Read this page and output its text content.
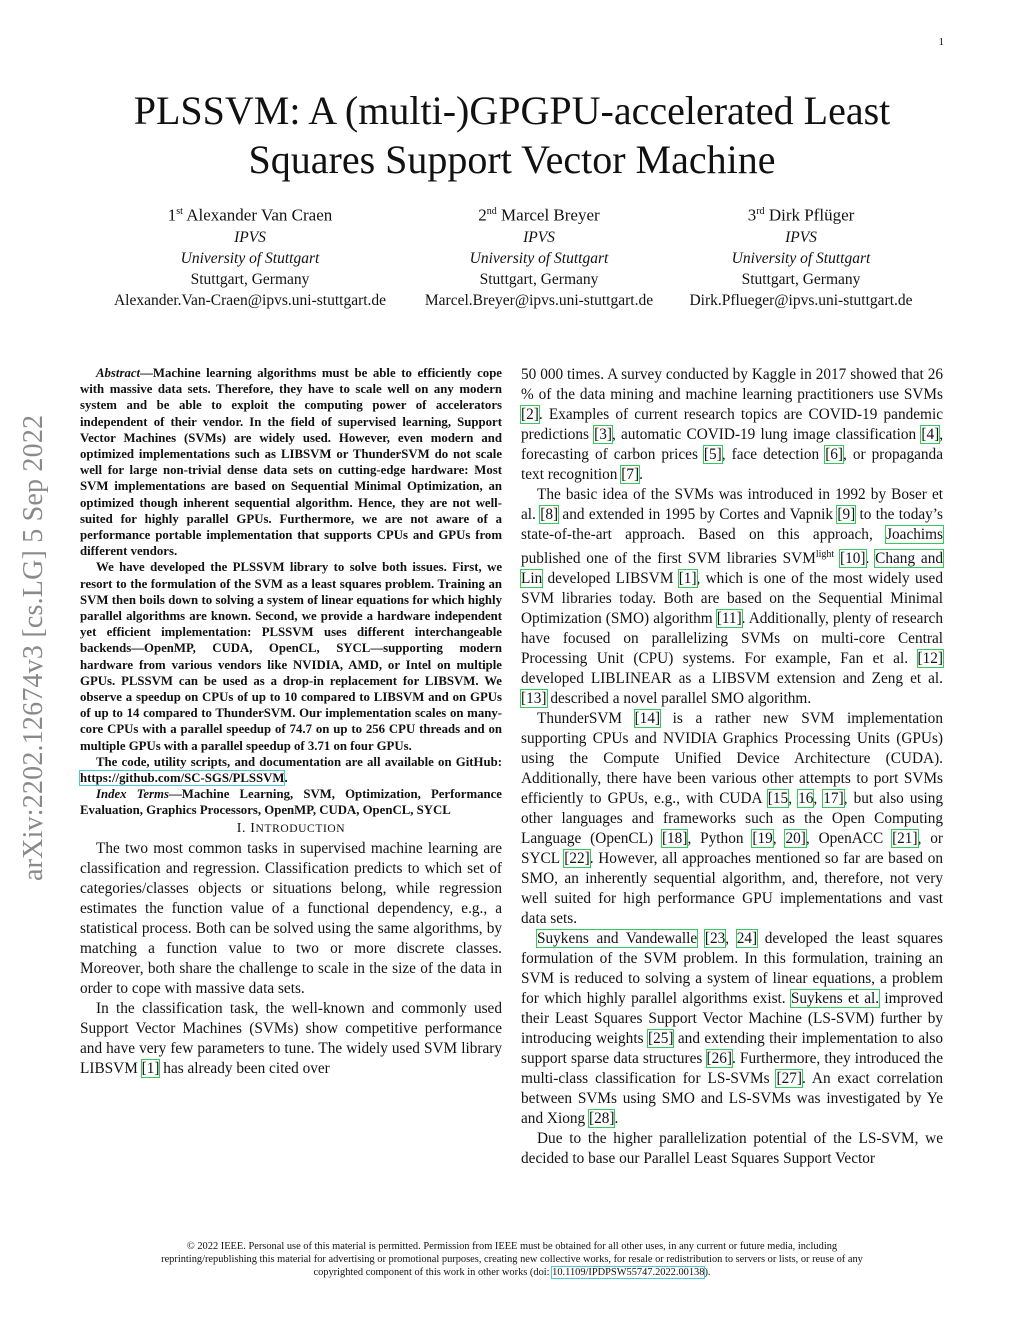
1
arXiv:2202.12674v3 [cs.LG] 5 Sep 2022
PLSSVM: A (multi-)GPGPU-accelerated Least
Squares Support Vector Machine
1st Alexander Van Craen
IPVS
University of Stuttgart
Stuttgart, Germany
Alexander.Van-Craen@ipvs.uni-stuttgart.de
2nd Marcel Breyer
IPVS
University of Stuttgart
Stuttgart, Germany
Marcel.Breyer@ipvs.uni-stuttgart.de
3rd Dirk Pflüger
IPVS
University of Stuttgart
Stuttgart, Germany
Dirk.Pflueger@ipvs.uni-stuttgart.de

Abstract—Machine learning algorithms must be able to efficiently cope with massive data sets. Therefore, they have to scale well on any modern system and be able to exploit the computing power of accelerators independent of their vendor. In the field of supervised learning, Support Vector Machines (SVMs) are widely used. However, even modern and optimized implementations such as LIBSVM or ThunderSVM do not scale well for large non-trivial dense data sets on cutting-edge hardware: Most SVM implementations are based on Sequential Minimal Optimization, an optimized though inherent sequential algorithm. Hence, they are not well-suited for highly parallel GPUs. Furthermore, we are not aware of a performance portable implementation that supports CPUs and GPUs from different vendors.

We have developed the PLSSVM library to solve both issues. First, we resort to the formulation of the SVM as a least squares problem. Training an SVM then boils down to solving a system of linear equations for which highly parallel algorithms are known. Second, we provide a hardware independent yet efficient implementation: PLSSVM uses different interchangeable backends—OpenMP, CUDA, OpenCL, SYCL—supporting modern hardware from various vendors like NVIDIA, AMD, or Intel on multiple GPUs. PLSSVM can be used as a drop-in replacement for LIBSVM. We observe a speedup on CPUs of up to 10 compared to LIBSVM and on GPUs of up to 14 compared to ThunderSVM. Our implementation scales on many-core CPUs with a parallel speedup of 74.7 on up to 256 CPU threads and on multiple GPUs with a parallel speedup of 3.71 on four GPUs.

The code, utility scripts, and documentation are all available on GitHub: https://github.com/SC-SGS/PLSSVM.

Index Terms—Machine Learning, SVM, Optimization, Performance Evaluation, Graphics Processors, OpenMP, CUDA, OpenCL, SYCL

I. INTRODUCTION

The two most common tasks in supervised machine learning are classification and regression. Classification predicts to which set of categories/classes objects or situations belong, while regression estimates the function value of a functional dependency, e.g., a statistical process. Both can be solved using the same algorithms, by matching a function value to two or more discrete classes. Moreover, both share the challenge to scale in the size of the data in order to cope with massive data sets.

In the classification task, the well-known and commonly used Support Vector Machines (SVMs) show competitive performance and have very few parameters to tune. The widely used SVM library LIBSVM [1] has already been cited over

50 000 times. A survey conducted by Kaggle in 2017 showed that 26 % of the data mining and machine learning practitioners use SVMs [2]. Examples of current research topics are COVID-19 pandemic predictions [3], automatic COVID-19 lung image classification [4], forecasting of carbon prices [5], face detection [6], or propaganda text recognition [7].

The basic idea of the SVMs was introduced in 1992 by Boser et al. [8] and extended in 1995 by Cortes and Vapnik [9] to the today’s state-of-the-art approach. Based on this approach, Joachims published one of the first SVM libraries $SVM^{light}$ [10]. Chang and Lin developed LIBSVM [1], which is one of the most widely used SVM libraries today. Both are based on the Sequential Minimal Optimization (SMO) algorithm [11]. Additionally, plenty of research have focused on parallelizing SVMs on multi-core Central Processing Unit (CPU) systems. For example, Fan et al. [12] developed LIBLINEAR as a LIBSVM extension and Zeng et al. [13] described a novel parallel SMO algorithm.

ThunderSVM [14] is a rather new SVM implementation supporting CPUs and NVIDIA Graphics Processing Units (GPUs) using the Compute Unified Device Architecture (CUDA). Additionally, there have been various other attempts to port SVMs efficiently to GPUs, e.g., with CUDA [15, 16, 17], but also using other languages and frameworks such as the Open Computing Language (OpenCL) [18], Python [19, 20], OpenACC [21], or SYCL [22]. However, all approaches mentioned so far are based on SMO, an inherently sequential algorithm, and, therefore, not very well suited for high performance GPU implementations and vast data sets.

Suykens and Vandewalle [23, 24] developed the least squares formulation of the SVM problem. In this formulation, training an SVM is reduced to solving a system of linear equations, a problem for which highly parallel algorithms exist. Suykens et al. improved their Least Squares Support Vector Machine (LS-SVM) further by introducing weights [25] and extending their implementation to also support sparse data structures [26]. Furthermore, they introduced the multi-class classification for LS-SVMs [27]. An exact correlation between SVMs using SMO and LS-SVMs was investigated by Ye and Xiong [28].

Due to the higher parallelization potential of the LS-SVM, we decided to base our Parallel Least Squares Support Vector

© 2022 IEEE. Personal use of this material is permitted. Permission from IEEE must be obtained for all other uses, in any current or future media, including
reprinting/republishing this material for advertising or promotional purposes, creating new collective works, for resale or redistribution to servers or lists, or reuse of any
copyrighted component of this work in other works (doi: 10.1109/IPDPSW55747.2022.00138).
